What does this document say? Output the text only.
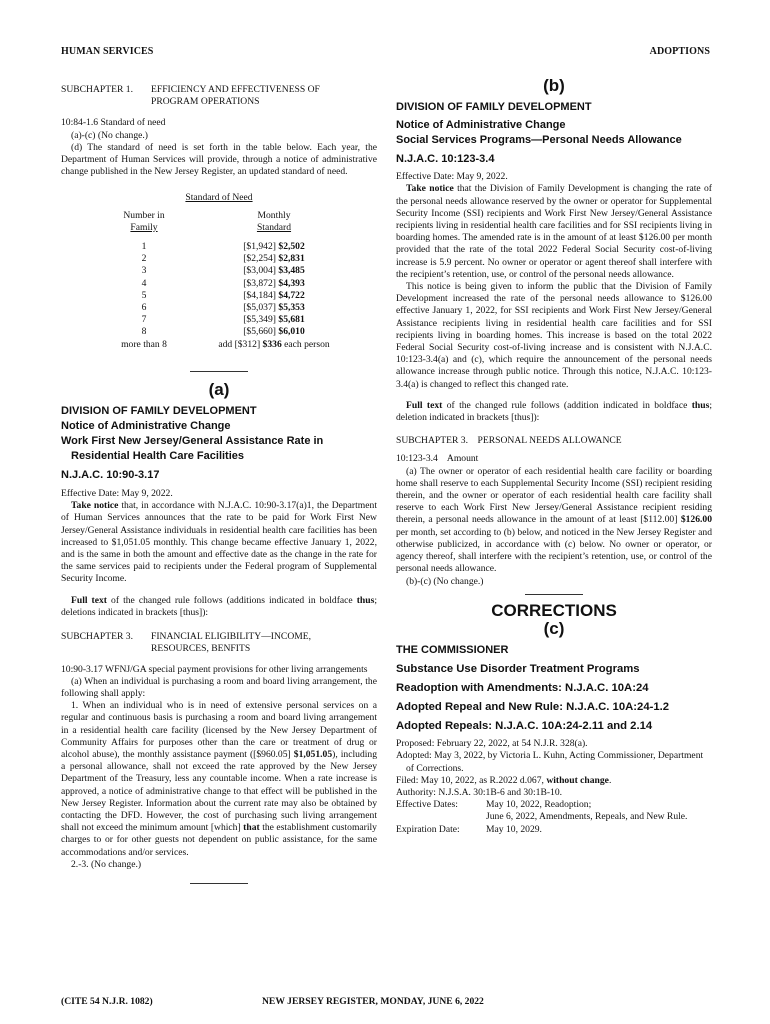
HUMAN SERVICES	ADOPTIONS
SUBCHAPTER 1.	EFFICIENCY AND EFFECTIVENESS OF PROGRAM OPERATIONS

10:84-1.6 Standard of need

(a)-(c) (No change.)

(d) The standard of need is set forth in the table below. Each year, the Department of Human Services will provide, through a notice of administrative change published in the New Jersey Register, an updated standard of need.

Standard of Need
Number in
Family	Monthly
Standard

1	[$1,942] $2,502
2	[$2,254] $2,831
3	[$3,004] $3,485
4	[$3,872] $4,393
5	[$4,184] $4,722
6	[$5,037] $5,353
7	[$5,349] $5,681
8	[$5,660] $6,010
more than 8	add [$312] $336 each person
(a)
DIVISION OF FAMILY DEVELOPMENT
Notice of Administrative Change
Work First New Jersey/General Assistance Rate in Residential Health Care Facilities
N.J.A.C. 10:90-3.17

Effective Date: May 9, 2022.

Take notice that, in accordance with N.J.A.C. 10:90-3.17(a)1, the Department of Human Services announces that the rate to be paid for Work First New Jersey/General Assistance individuals in residential health care facilities has been increased to $1,051.05 monthly. This change became effective January 1, 2022, and is the same in both the amount and effective date as the change in the rate for the same services paid to recipients under the Federal program of Supplemental Security Income.

Full text of the changed rule follows (additions indicated in boldface thus; deletions indicated in brackets [thus]):

SUBCHAPTER 3.	FINANCIAL ELIGIBILITY—INCOME, RESOURCES, BENFITS

10:90-3.17 WFNJ/GA special payment provisions for other living arrangements

(a) When an individual is purchasing a room and board living arrangement, the following shall apply:

1. When an individual who is in need of extensive personal services on a regular and continuous basis is purchasing a room and board living arrangement in a residential health care facility (licensed by the New Jersey Department of Community Affairs for purposes other than the care or treatment of drug or alcohol abuse), the monthly assistance payment ([$960.05] $1,051.05), including a personal allowance, shall not exceed the rate approved by the New Jersey Department of the Treasury, less any countable income. When a rate increase is approved, a notice of administrative change to that effect will be published in the New Jersey Register. Information about the current rate may also be obtained by contacting the DFD. However, the cost of purchasing such living arrangement shall not exceed the minimum amount [which] that the establishment customarily charges to or for other guests not dependent on public assistance, for the same accommodations and/or services.

2.-3. (No change.)

(b)
DIVISION OF FAMILY DEVELOPMENT
Notice of Administrative Change
Social Services Programs—Personal Needs Allowance
N.J.A.C. 10:123-3.4

Effective Date: May 9, 2022.

Take notice that the Division of Family Development is changing the rate of the personal needs allowance reserved by the owner or operator for Supplemental Security Income (SSI) recipients and Work First New Jersey/General Assistance recipients living in residential health care facilities and for SSI recipients living in boarding homes. The amended rate is in the amount of at least $126.00 per month provided that the rate of the total 2022 Federal Social Security cost-of-living increase is 5.9 percent. No owner or operator or agent thereof shall interfere with the recipient’s retention, use, or control of the personal needs allowance.

This notice is being given to inform the public that the Division of Family Development increased the rate of the personal needs allowance to $126.00 effective January 1, 2022, for SSI recipients and Work First New Jersey/General Assistance recipients living in residential health care facilities and for SSI recipients living in boarding homes. This increase is based on the total 2022 Federal Social Security cost-of-living increase and is consistent with N.J.A.C. 10:123-3.4(a) and (c), which require the announcement of the personal needs allowance increase through public notice. Through this notice, N.J.A.C. 10:123-3.4(a) is changed to reflect this changed rate.

Full text of the changed rule follows (addition indicated in boldface thus; deletion indicated in brackets [thus]):

SUBCHAPTER 3.    PERSONAL NEEDS ALLOWANCE

10:123-3.4    Amount

(a) The owner or operator of each residential health care facility or boarding home shall reserve to each Supplemental Security Income (SSI) recipient residing therein, and the owner or operator of each residential health care facility shall reserve to each Work First New Jersey/General Assistance recipient residing therein, a personal needs allowance in the amount of at least [$112.00] $126.00 per month, set according to (b) below, and noticed in the New Jersey Register and otherwise publicized, in accordance with (c) below. No owner or operator, or agency thereof, shall interfere with the recipient’s retention, use, or control of the personal needs allowance.

(b)-(c) (No change.)

CORRECTIONS
(c)
THE COMMISSIONER
Substance Use Disorder Treatment Programs
Readoption with Amendments: N.J.A.C. 10A:24
Adopted Repeal and New Rule: N.J.A.C. 10A:24-1.2
Adopted Repeals: N.J.A.C. 10A:24-2.11 and 2.14

Proposed: February 22, 2022, at 54 N.J.R. 328(a).

Adopted: May 3, 2022, by Victoria L. Kuhn, Acting Commissioner, Department of Corrections.

Filed: May 10, 2022, as R.2022 d.067, without change.

Authority: N.J.S.A. 30:1B-6 and 30:1B-10.

Effective Dates:	May 10, 2022, Readoption;
June 6, 2022, Amendments, Repeals, and New Rule.
Expiration Date:	May 10, 2029.
(CITE 54 N.J.R. 1082)	NEW JERSEY REGISTER, MONDAY, JUNE 6, 2022
